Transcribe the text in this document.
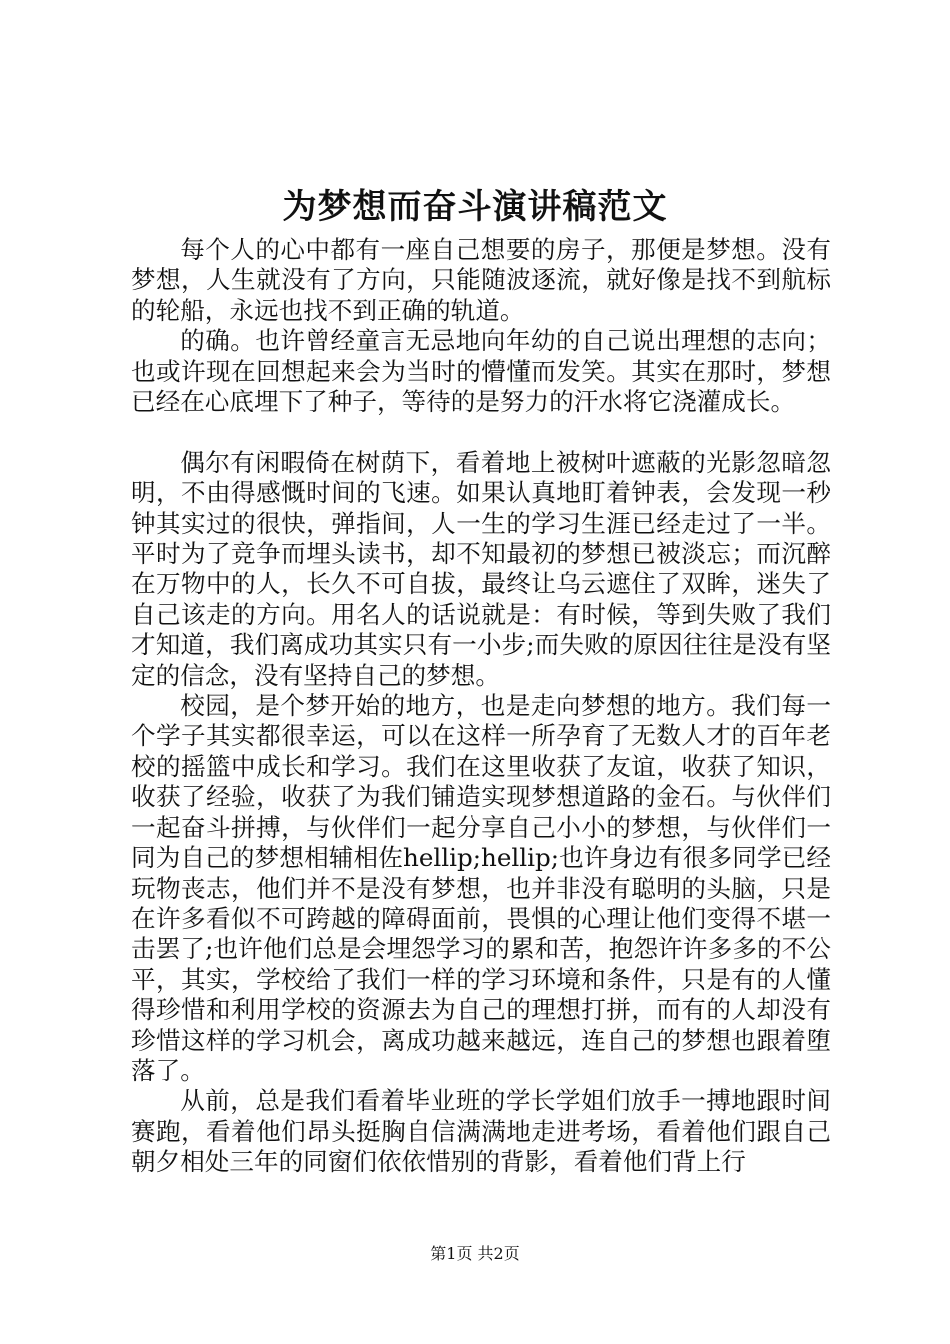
为梦想而奋斗演讲稿范文

每个人的心中都有一座自己想要的房子，那便是梦想。没有梦想，人生就没有了方向，只能随波逐流，就好像是找不到航标的轮船，永远也找不到正确的轨道。

的确。也许曾经童言无忌地向年幼的自己说出理想的志向；也或许现在回想起来会为当时的懵懂而发笑。其实在那时，梦想已经在心底埋下了种子，等待的是努力的汗水将它浇灌成长。

偶尔有闲暇倚在树荫下，看着地上被树叶遮蔽的光影忽暗忽明，不由得感慨时间的飞速。如果认真地盯着钟表，会发现一秒钟其实过的很快，弹指间，人一生的学习生涯已经走过了一半。平时为了竞争而埋头读书，却不知最初的梦想已被淡忘；而沉醉在万物中的人，长久不可自拔，最终让乌云遮住了双眸，迷失了自己该走的方向。用名人的话说就是：有时候，等到失败了我们才知道，我们离成功其实只有一小步;而失败的原因往往是没有坚定的信念，没有坚持自己的梦想。

校园，是个梦开始的地方，也是走向梦想的地方。我们每一个学子其实都很幸运，可以在这样一所孕育了无数人才的百年老校的摇篮中成长和学习。我们在这里收获了友谊，收获了知识，收获了经验，收获了为我们铺造实现梦想道路的金石。与伙伴们一起奋斗拼搏，与伙伴们一起分享自己小小的梦想，与伙伴们一同为自己的梦想相辅相佐hellip;hellip;也许身边有很多同学已经玩物丧志，他们并不是没有梦想，也并非没有聪明的头脑，只是在许多看似不可跨越的障碍面前，畏惧的心理让他们变得不堪一击罢了;也许他们总是会埋怨学习的累和苦，抱怨许许多多的不公平，其实，学校给了我们一样的学习环境和条件，只是有的人懂得珍惜和利用学校的资源去为自己的理想打拼，而有的人却没有珍惜这样的学习机会，离成功越来越远，连自己的梦想也跟着堕落了。

从前，总是我们看着毕业班的学长学姐们放手一搏地跟时间赛跑，看着他们昂头挺胸自信满满地走进考场，看着他们跟自己朝夕相处三年的同窗们依依惜别的背影，看着他们背上行

第1页 共2页
